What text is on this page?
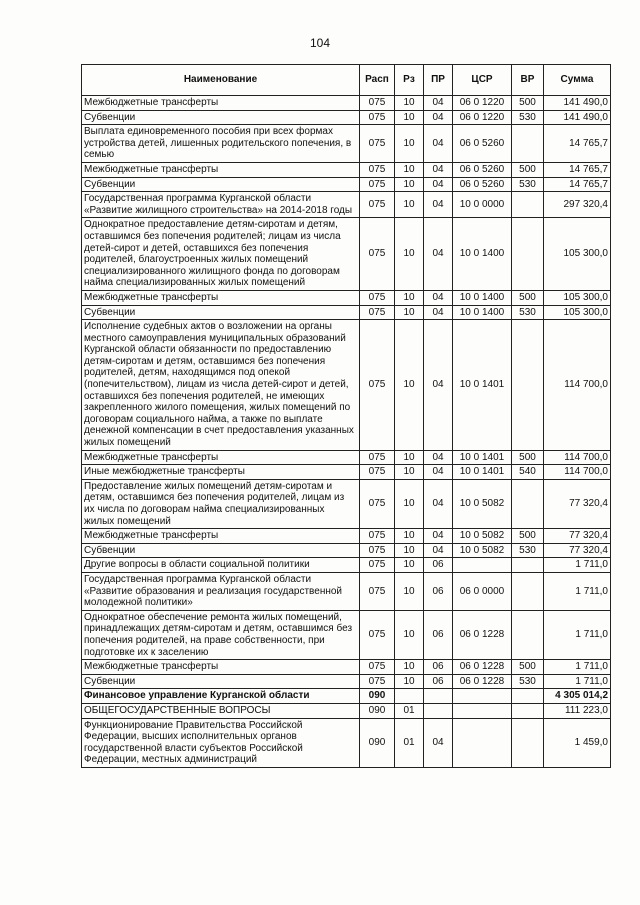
104
Наименование	Расп	Рз	ПР	ЦСР	ВР	Сумма
Межбюджетные трансферты	075	10	04	06 0 1220	500	141 490,0
Субвенции	075	10	04	06 0 1220	530	141 490,0
Выплата единовременного пособия при всех формах устройства детей, лишенных родительского попечения, в семью	075	10	04	06 0 5260		14 765,7
Межбюджетные трансферты	075	10	04	06 0 5260	500	14 765,7
Субвенции	075	10	04	06 0 5260	530	14 765,7
Государственная программа Курганской области «Развитие жилищного строительства» на 2014-2018 годы	075	10	04	10 0 0000		297 320,4
Однократное предоставление детям-сиротам и детям, оставшимся без попечения родителей; лицам из числа детей-сирот и детей, оставшихся без попечения родителей, благоустроенных жилых помещений специализированного жилищного фонда по договорам найма специализированных жилых помещений	075	10	04	10 0 1400		105 300,0
Межбюджетные трансферты	075	10	04	10 0 1400	500	105 300,0
Субвенции	075	10	04	10 0 1400	530	105 300,0
Исполнение судебных актов о возложении на органы местного самоуправления муниципальных образований Курганской области обязанности по предоставлению детям-сиротам и детям, оставшимся без попечения родителей, детям, находящимся под опекой (попечительством), лицам из числа детей-сирот и детей, оставшихся без попечения родителей, не имеющих закрепленного жилого помещения, жилых помещений по договорам социального найма, а также по выплате денежной компенсации в счет предоставления указанных жилых помещений	075	10	04	10 0 1401		114 700,0
Межбюджетные трансферты	075	10	04	10 0 1401	500	114 700,0
Иные межбюджетные трансферты	075	10	04	10 0 1401	540	114 700,0
Предоставление жилых помещений детям-сиротам и детям, оставшимся без попечения родителей, лицам из их числа по договорам найма специализированных жилых помещений	075	10	04	10 0 5082		77 320,4
Межбюджетные трансферты	075	10	04	10 0 5082	500	77 320,4
Субвенции	075	10	04	10 0 5082	530	77 320,4
Другие вопросы в области социальной политики	075	10	06			1 711,0
Государственная программа Курганской области «Развитие образования и реализация государственной молодежной политики»	075	10	06	06 0 0000		1 711,0
Однократное обеспечение ремонта жилых помещений, принадлежащих детям-сиротам и детям, оставшимся без попечения родителей, на праве собственности, при подготовке их к заселению	075	10	06	06 0 1228		1 711,0
Межбюджетные трансферты	075	10	06	06 0 1228	500	1 711,0
Субвенции	075	10	06	06 0 1228	530	1 711,0
Финансовое управление Курганской области	090					4 305 014,2
ОБЩЕГОСУДАРСТВЕННЫЕ ВОПРОСЫ	090	01				111 223,0
Функционирование Правительства Российской Федерации, высших исполнительных органов государственной власти субъектов Российской Федерации, местных администраций	090	01	04			1 459,0
